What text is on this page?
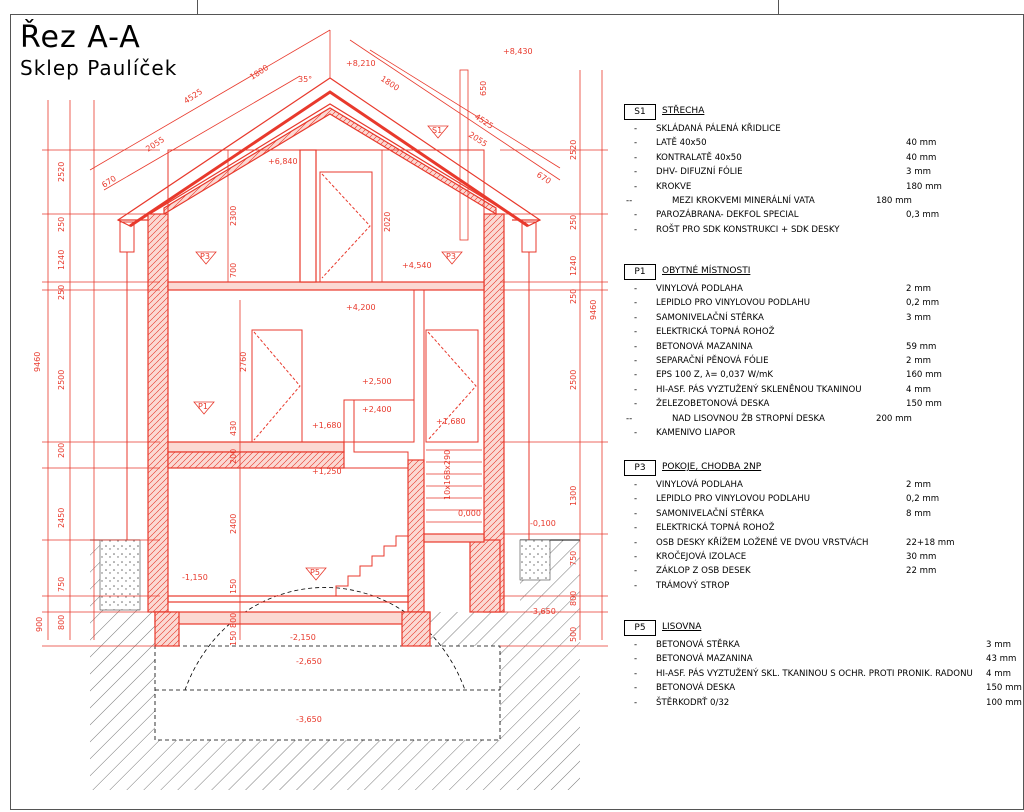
Řez A-A
Sklep Paulíček
+8,430
+8,210
+6,840
+4,540
+4,200
+2,500
+2,400
+1,680	+1,680
+1,250
0,000
-0,100
-1,150
-2,150
-2,650
-3,650
-3,650
9460
2520
250
1240
250
2500
200
2450
750
800
900
9460
2520
250
1240
250
2500
1300
750
800
500
4525
1800
2055
670
35°
4525
1800
2055
670
650
2300	2020
700
2760
430
200
2400
150
800
150
10x168x290
S1
P3	P3
P1
P5
S1	STŘECHA
- SKLÁDANÁ PÁLENÁ KŘIDLICE
- LATĚ 40x50	40 mm
- KONTRALATĚ 40x50	40 mm
- DHV- DIFUZNÍ FÓLIE	3 mm
- KROKVE	180 mm
--	MEZI KROKVEMI MINERÁLNÍ VATA	180 mm
- PAROZÁBRANA- DEKFOL SPECIAL	0,3 mm
- ROŠT PRO SDK KONSTRUKCI + SDK DESKY
P1	OBYTNÉ MÍSTNOSTI
- VINYLOVÁ PODLAHA	2 mm
- LEPIDLO PRO VINYLOVOU PODLAHU	0,2 mm
- SAMONIVELAČNÍ STĚRKA	3 mm
- ELEKTRICKÁ TOPNÁ ROHOŽ
- BETONOVÁ MAZANINA	59 mm
- SEPARAČNÍ PĚNOVÁ FÓLIE	2 mm
- EPS 100 Z, λ= 0,037 W/mK	160 mm
- HI-ASF. PÁS VYZTUŽENÝ SKLENĚNOU TKANINOU	4 mm
- ŽELEZOBETONOVÁ DESKA	150 mm
--	NAD LISOVNOU ŽB STROPNÍ DESKA	200 mm
- KAMENIVO LIAPOR
P3	POKOJE, CHODBA 2NP
- VINYLOVÁ PODLAHA	2 mm
- LEPIDLO PRO VINYLOVOU PODLAHU	0,2 mm
- SAMONIVELAČNÍ STĚRKA	8 mm
- ELEKTRICKÁ TOPNÁ ROHOŽ
- OSB DESKY KŘÍŽEM LOŽENÉ VE DVOU VRSTVÁCH	22+18 mm
- KROČEJOVÁ IZOLACE	30 mm
- ZÁKLOP Z OSB DESEK	22 mm
- TRÁMOVÝ STROP
P5	LISOVNA
- BETONOVÁ STĚRKA	3 mm
- BETONOVÁ MAZANINA	43 mm
- HI-ASF. PÁS VYZTUŽENÝ SKL. TKANINOU S OCHR. PROTI PRONIK. RADONU 4 mm
- BETONOVÁ DESKA	150 mm
- ŠTĚRKODRŤ 0/32	100 mm
